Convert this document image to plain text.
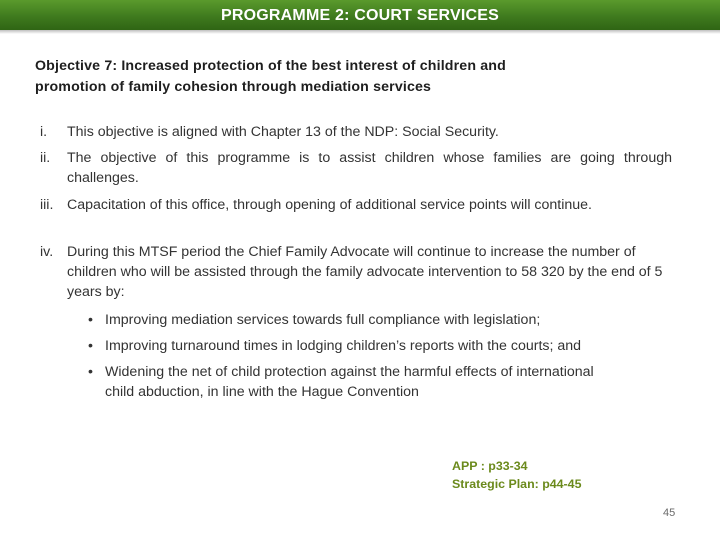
PROGRAMME 2: COURT SERVICES
Objective 7: Increased protection of the best interest of children and
promotion of family cohesion through mediation services
i. This objective is aligned with Chapter 13 of the NDP: Social Security.
ii. The objective of this programme is to assist children whose families are going through challenges.
iii. Capacitation of this office, through opening of additional service points will continue.
iv. During this MTSF period the Chief Family Advocate will continue to increase the number of children who will be assisted through the family advocate intervention to 58 320 by the end of 5 years by:
• Improving mediation services towards full compliance with legislation;
• Improving turnaround times in lodging children’s reports with the courts; and
• Widening the net of child protection against the harmful effects of international child abduction, in line with the Hague Convention
APP : p33-34
Strategic Plan: p44-45
45
